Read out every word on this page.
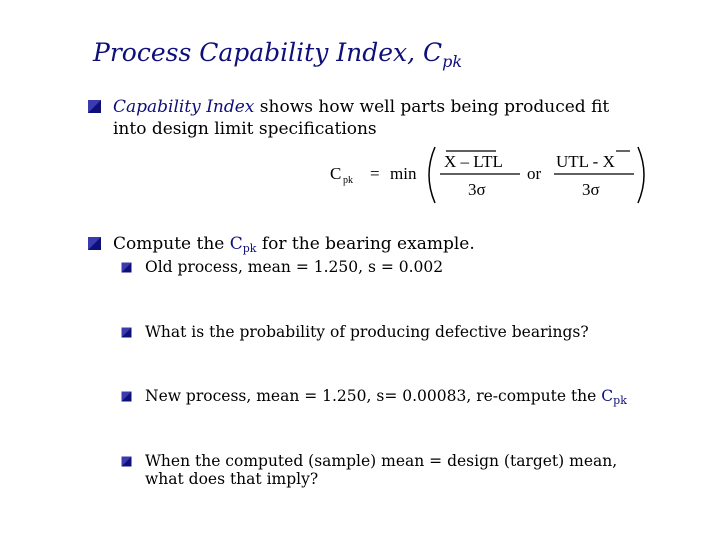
Process Capability Index, $C_{pk}$
Capability Index shows how well parts being produced fit
into design limit specifications
C pk = min
X – LTL
3σ
or
UTL - X
3σ
Compute the $C_{pk}$ for the bearing example.
Old process, mean = 1.250, s = 0.002
What is the probability of producing defective bearings?
New process, mean = 1.250, s= 0.00083, re-compute the $C_{pk}$
When the computed (sample) mean = design (target) mean,
what does that imply?
